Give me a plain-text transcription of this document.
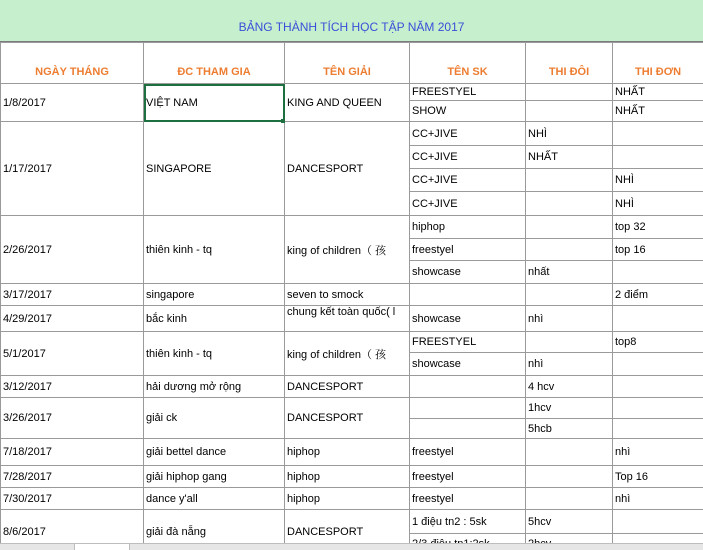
BẢNG THÀNH TÍCH HỌC TẬP NĂM 2017
NGÀY THÁNG	ĐC THAM GIA	TÊN GIẢI	TÊN SK	THI ĐÔI	THI ĐƠN
1/8/2017	VIỆT NAM	KING AND QUEEN	FREESTYEL		NHẤT
			SHOW		NHẤT
1/17/2017	SINGAPORE	DANCESPORT	CC+JIVE	NHÌ	
			CC+JIVE	NHẤT	
			CC+JIVE		NHÌ
			CC+JIVE		NHÌ
2/26/2017	thiên kinh - tq	king of children（ 孩	hiphop		top 32
			freestyel		top 16
			showcase	nhất	
3/17/2017	singapore	seven to smock			2 điểm
4/29/2017	bắc kinh	chung kết toàn quốc( l	showcase	nhì	
5/1/2017	thiên kinh - tq	king of children（ 孩	FREESTYEL		top8
			showcase	nhì	
3/12/2017	hải dương mở rộng	DANCESPORT		4 hcv	
3/26/2017	giải ck	DANCESPORT		1hcv	
				5hcb	
7/18/2017	giải bettel dance	hiphop	freestyel		nhì
7/28/2017	giải hiphop gang	hiphop	freestyel		Top 16
7/30/2017	dance y'all	hiphop	freestyel		nhì
8/6/2017	giải đà nẵng	DANCESPORT	1 điệu tn2 : 5sk	5hcv	
